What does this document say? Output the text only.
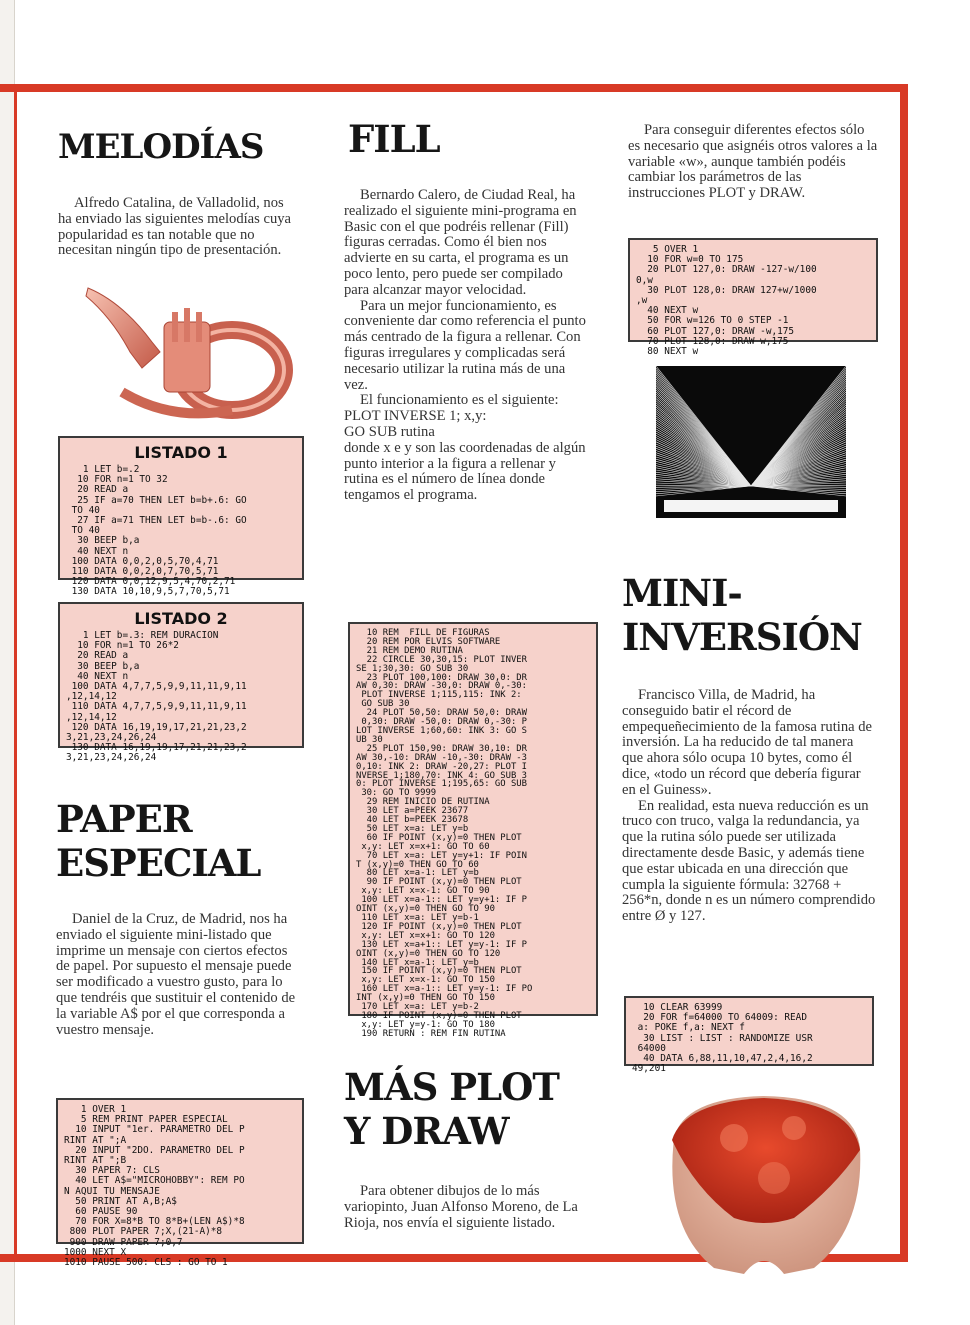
MELODÍAS

Alfredo Catalina, de Valladolid, nos ha enviado las siguientes melodías cuya popularidad es tan notable que no necesitan ningún tipo de presentación.

LISTADO 1
1 LET b=.2
10 FOR n=1 TO 32
20 READ a
25 IF a=70 THEN LET b=b+.6: GO
TO 40
27 IF a=71 THEN LET b=b-.6: GO
TO 40
30 BEEP b,a
40 NEXT n
100 DATA 0,0,2,0,5,70,4,71
110 DATA 0,0,2,0,7,70,5,71
120 DATA 0,0,12,9,5,4,70,2,71
130 DATA 10,10,9,5,7,70,5,71
LISTADO 2
1 LET b=.3: REM DURACION
10 FOR n=1 TO 26*2
20 READ a
30 BEEP b,a
40 NEXT n
100 DATA 4,7,7,5,9,9,11,11,9,11
,12,14,12
110 DATA 4,7,7,5,9,9,11,11,9,11
,12,14,12
120 DATA 16,19,19,17,21,21,23,2
3,21,23,24,26,24
130 DATA 16,19,19,17,21,21,23,2
3,21,23,24,26,24
PAPER
ESPECIAL

Daniel de la Cruz, de Madrid, nos ha enviado el siguiente mini-listado que imprime un mensaje con ciertos efectos de papel. Por supuesto el mensaje puede ser modificado a vuestro gusto, para lo que tendréis que sustituir el contenido de la variable A$ por el que corresponda a vuestro mensaje.

1 OVER 1
5 REM PRINT PAPER ESPECIAL
10 INPUT "1er. PARAMETRO DEL P
RINT AT ";A
20 INPUT "2DO. PARAMETRO DEL P
RINT AT ";B
30 PAPER 7: CLS
40 LET A$="MICROHOBBY": REM PO
N AQUI TU MENSAJE
50 PRINT AT A,B;A$
60 PAUSE 90
70 FOR X=8*B TO 8*B+(LEN A$)*8
800 PLOT PAPER 7;X,(21-A)*8
900 DRAW PAPER 7;0,7
1000 NEXT X
1010 PAUSE 500: CLS : GO TO 1
FILL

Bernardo Calero, de Ciudad Real, ha realizado el siguiente mini-programa en Basic con el que podréis rellenar (Fill) figuras cerradas. Como él bien nos advierte en su carta, el programa es un poco lento, pero puede ser compilado para alcanzar mayor velocidad.

Para un mejor funcionamiento, es conveniente dar como referencia el punto más centrado de la figura a rellenar. Con figuras irregulares y complicadas será necesario utilizar la rutina más de una vez.

El funcionamiento es el siguiente:

PLOT INVERSE 1; x,y:

GO SUB rutina

donde x e y son las coordenadas de algún punto interior a la figura a rellenar y rutina es el número de línea donde tengamos el programa.

10 REM  FILL DE FIGURAS
20 REM POR ELVIS SOFTWARE
21 REM DEMO RUTINA
22 CIRCLE 30,30,15: PLOT INVER
SE 1;30,30: GO SUB 30
23 PLOT 100,100: DRAW 30,0: DR
AW 0,30: DRAW -30,0: DRAW 0,-30:
PLOT INVERSE 1;115,115: INK 2:
GO SUB 30
24 PLOT 50,50: DRAW 50,0: DRAW
0,30: DRAW -50,0: DRAW 0,-30: P
LOT INVERSE 1;60,60: INK 3: GO S
UB 30
25 PLOT 150,90: DRAW 30,10: DR
AW 30,-10: DRAW -10,-30: DRAW -3
0,10: INK 2: DRAW -20,27: PLOT I
NVERSE 1;180,70: INK 4: GO SUB 3
0: PLOT INVERSE 1;195,65: GO SUB
30: GO TO 9999
29 REM INICIO DE RUTINA
30 LET a=PEEK 23677
40 LET b=PEEK 23678
50 LET x=a: LET y=b
60 IF POINT (x,y)=0 THEN PLOT
x,y: LET x=x+1: GO TO 60
70 LET x=a: LET y=y+1: IF POIN
T (x,y)=0 THEN GO TO 60
80 LET x=a-1: LET y=b
90 IF POINT (x,y)=0 THEN PLOT
x,y: LET x=x-1: GO TO 90
100 LET x=a-1:: LET y=y+1: IF P
OINT (x,y)=0 THEN GO TO 90
110 LET x=a: LET y=b-1
120 IF POINT (x,y)=0 THEN PLOT
x,y: LET x=x+1: GO TO 120
130 LET x=a+1:: LET y=y-1: IF P
OINT (x,y)=0 THEN GO TO 120
140 LET x=a-1: LET y=b
150 IF POINT (x,y)=0 THEN PLOT
x,y: LET x=x-1: GO TO 150
160 LET x=a-1:: LET y=y-1: IF PO
INT (x,y)=0 THEN GO TO 150
170 LET x=a: LET y=b-2
180 IF POINT (x,y)=0 THEN PLOT
x,y: LET y=y-1: GO TO 180
190 RETURN : REM FIN RUTINA
MÁS PLOT
Y DRAW

Para obtener dibujos de lo más variopinto, Juan Alfonso Moreno, de La Rioja, nos envía el siguiente listado.

Para conseguir diferentes efectos sólo es necesario que asignéis otros valores a la variable «w», aunque también podéis cambiar los parámetros de las instrucciones PLOT y DRAW.

5 OVER 1
10 FOR w=0 TO 175
20 PLOT 127,0: DRAW -127-w/100
0,w
30 PLOT 128,0: DRAW 127+w/1000
,w
40 NEXT w
50 FOR w=126 TO 0 STEP -1
60 PLOT 127,0: DRAW -w,175
70 PLOT 128,0: DRAW w,175
80 NEXT w
MINI-
INVERSIÓN

Francisco Villa, de Madrid, ha conseguido batir el récord de empequeñecimiento de la famosa rutina de inversión. La ha reducido de tal manera que ahora sólo ocupa 10 bytes, como él dice, «todo un récord que debería figurar en el Guiness».

En realidad, esta nueva reducción es un truco con truco, valga la redundancia, ya que la rutina sólo puede ser utilizada directamente desde Basic, y además tiene que estar ubicada en una dirección que cumpla la siguiente fórmula: 32768 + 256*n, donde n es un número comprendido entre Ø y 127.

10 CLEAR 63999
20 FOR f=64000 TO 64009: READ
a: POKE f,a: NEXT f
30 LIST : LIST : RANDOMIZE USR
64000
40 DATA 6,88,11,10,47,2,4,16,2
49,201
